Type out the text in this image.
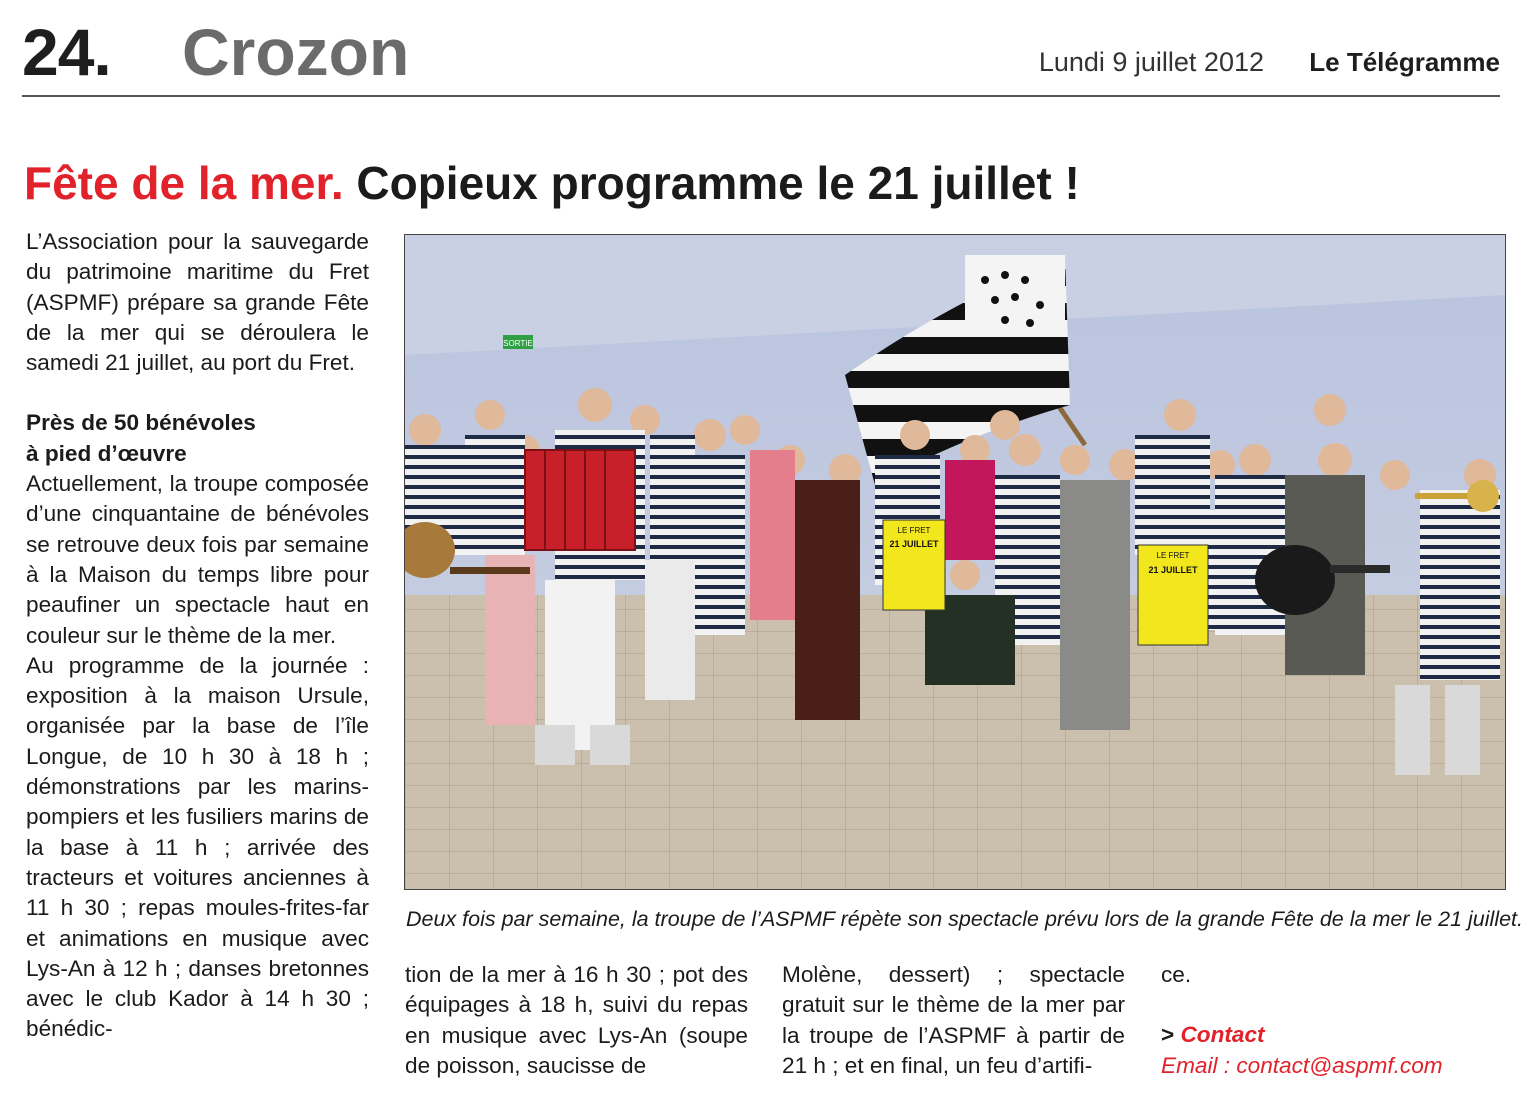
24. Crozon	Lundi 9 juillet 2012 Le Télégramme
Fête de la mer. Copieux programme le 21 juillet !

L’Association pour la sauvegarde du patrimoine maritime du Fret (ASPMF) prépare sa grande Fête de la mer qui se déroulera le samedi 21 juillet, au port du Fret.

Près de 50 bénévoles
à pied d’œuvre

Actuellement, la troupe composée d’une cinquantaine de bénévoles se retrouve deux fois par semaine à la Maison du temps libre pour peaufiner un spectacle haut en couleur sur le thème de la mer.

Au programme de la journée : exposition à la maison Ursule, organisée par la base de l’île Longue, de 10 h 30 à 18 h ; démonstrations par les marins-pompiers et les fusiliers marins de la base à 11 h ; arrivée des tracteurs et voitures anciennes à 11 h 30 ; repas moules-frites-far et animations en musique avec Lys-An à 12 h ; danses bretonnes avec le club Kador à 14 h 30 ; bénédic-

SORTIE
LE FRET
21 JUILLET
LE FRET
21 JUILLET
Deux fois par semaine, la troupe de l’ASPMF répète son spectacle prévu lors de la grande Fête de la mer le 21 juillet.

tion de la mer à 16 h 30 ; pot des équipages à 18 h, suivi du repas en musique avec Lys-An (soupe de poisson, saucisse de

Molène, dessert) ; spectacle gratuit sur le thème de la mer par la troupe de l’ASPMF à partir de 21 h ; et en final, un feu d’artifi-

ce.

> Contact

Email : contact@aspmf.com
